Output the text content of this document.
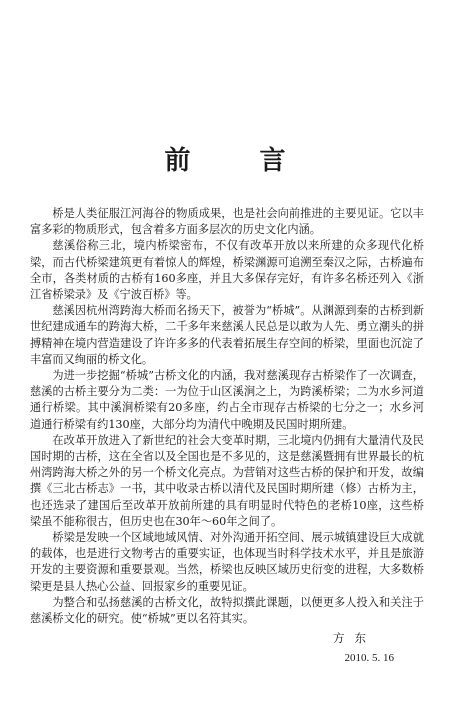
前 言

桥是人类征服江河海谷的物质成果，也是社会向前推进的主要见证。它以丰富多彩的物质形式，包含着多方面多层次的历史文化内涵。

慈溪俗称三北，境内桥梁密布，不仅有改革开放以来所建的众多现代化桥梁，而古代桥梁建筑更有着惊人的辉煌，桥梁渊源可追溯至秦汉之际，古桥遍布全市，各类材质的古桥有160多座，并且大多保存完好，有许多名桥还列入《浙江省桥梁录》及《宁波百桥》等。

慈溪因杭州湾跨海大桥而名扬天下，被誉为“桥城”。从渊源到秦的古桥到新世纪建成通车的跨海大桥，二千多年来慈溪人民总是以敢为人先、勇立潮头的拼搏精神在境内营造建设了许许多多的代表着拓展生存空间的桥梁，里面也沉淀了丰富而又绚丽的桥文化。

为进一步挖掘“桥城”古桥文化的内涵，我对慈溪现存古桥梁作了一次调查，慈溪的古桥主要分为二类：一为位于山区溪涧之上，为跨溪桥梁；二为水乡河道通行桥梁。其中溪涧桥梁有20多座，约占全市现存古桥梁的七分之一；水乡河道通行桥梁有约130座，大部分均为清代中晚期及民国时期所建。

在改革开放进入了新世纪的社会大变革时期，三北境内仍拥有大量清代及民国时期的古桥，这在全省以及全国也是不多见的，这是慈溪暨拥有世界最长的杭州湾跨海大桥之外的另一个桥文化亮点。为营销对这些古桥的保护和开发，故编撰《三北古桥志》一书，其中收录古桥以清代及民国时期所建（修）古桥为主，也还选录了建国后至改革开放前所建的具有明显时代特色的老桥10座，这些桥梁虽不能称很古，但历史也在30年～60年之间了。

桥梁是发映一个区域地域风情、对外沟通开拓空间、展示城镇建设巨大成就的载体，也是进行文物考古的重要实证，也体现当时科学技术水平，并且是旅游开发的主要资源和重要景观。当然，桥梁也反映区域历史衍变的进程，大多数桥梁更是县人热心公益、回报家乡的重要见证。

为整合和弘扬慈溪的古桥文化，故特拟撰此课题，以便更多人投入和关注于慈溪桥文化的研究。使“桥城”更以名符其实。

方东
2010. 5. 16
